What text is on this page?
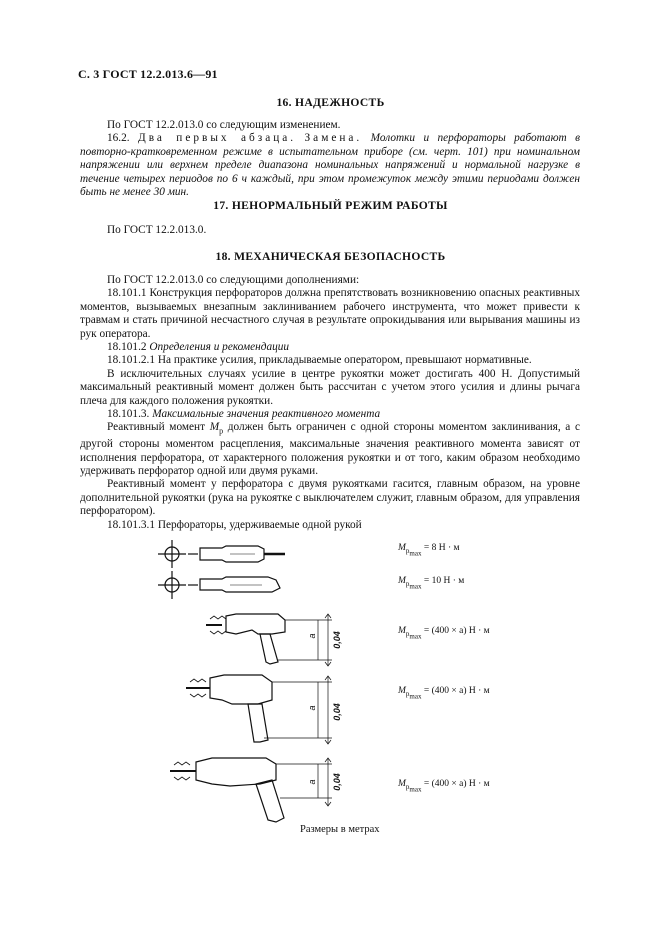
С. 3 ГОСТ 12.2.013.6—91
16. НАДЕЖНОСТЬ

По ГОСТ 12.2.013.0 со следующим изменением.

16.2. Два первых абзаца. Замена. Молотки и перфораторы работают в повторно-кратковременном режиме в испытательном приборе (см. черт. 101) при номинальном напряжении или верхнем пределе диапазона номинальных напряжений и нормальной нагрузке в течение четырех периодов по 6 ч каждый, при этом промежуток между этими периодами должен быть не менее 30 мин.

17. НЕНОРМАЛЬНЫЙ РЕЖИМ РАБОТЫ

По ГОСТ 12.2.013.0.

18. МЕХАНИЧЕСКАЯ БЕЗОПАСНОСТЬ

По ГОСТ 12.2.013.0 со следующими дополнениями:

18.101.1 Конструкция перфораторов должна препятствовать возникновению опасных реактивных моментов, вызываемых внезапным заклиниванием рабочего инструмента, что может привести к травмам и стать причиной несчастного случая в результате опрокидывания или вырывания машины из рук оператора.

18.101.2 Определения и рекомендации

18.101.2.1 На практике усилия, прикладываемые оператором, превышают нормативные.

В исключительных случаях усилие в центре рукоятки может достигать 400 Н. Допустимый максимальный реактивный момент должен быть рассчитан с учетом этого усилия и длины рычага плеча для каждого положения рукоятки.

18.101.3. Максимальные значения реактивного момента

Реактивный момент $M_р$ должен быть ограничен с одной стороны моментом заклинивания, а с другой стороны моментом расцепления, максимальные значения реактивного момента зависят от исполнения перфоратора, от характерного положения рукоятки и от того, каким образом необходимо удерживать перфоратор одной или двумя руками.

Реактивный момент у перфоратора с двумя рукоятками гасится, главным образом, на уровне дополнительной рукоятки (рука на рукоятке с выключателем служит, главным образом, для управления перфоратором).

18.101.3.1 Перфораторы, удерживаемые одной рукой

a 0,04
a 0,04
a 0,04
$M_{p_{max}} = 8$ Н · м
$M_{p_{max}} = 10$ Н · м
$M_{p_{max}} = (400 \times a) Н \cdot м$
$M_{p_{max}} = (400 \times a) Н \cdot м$
$M_{p_{max}} = (400 \times a) Н \cdot м$
Размеры в метрах
